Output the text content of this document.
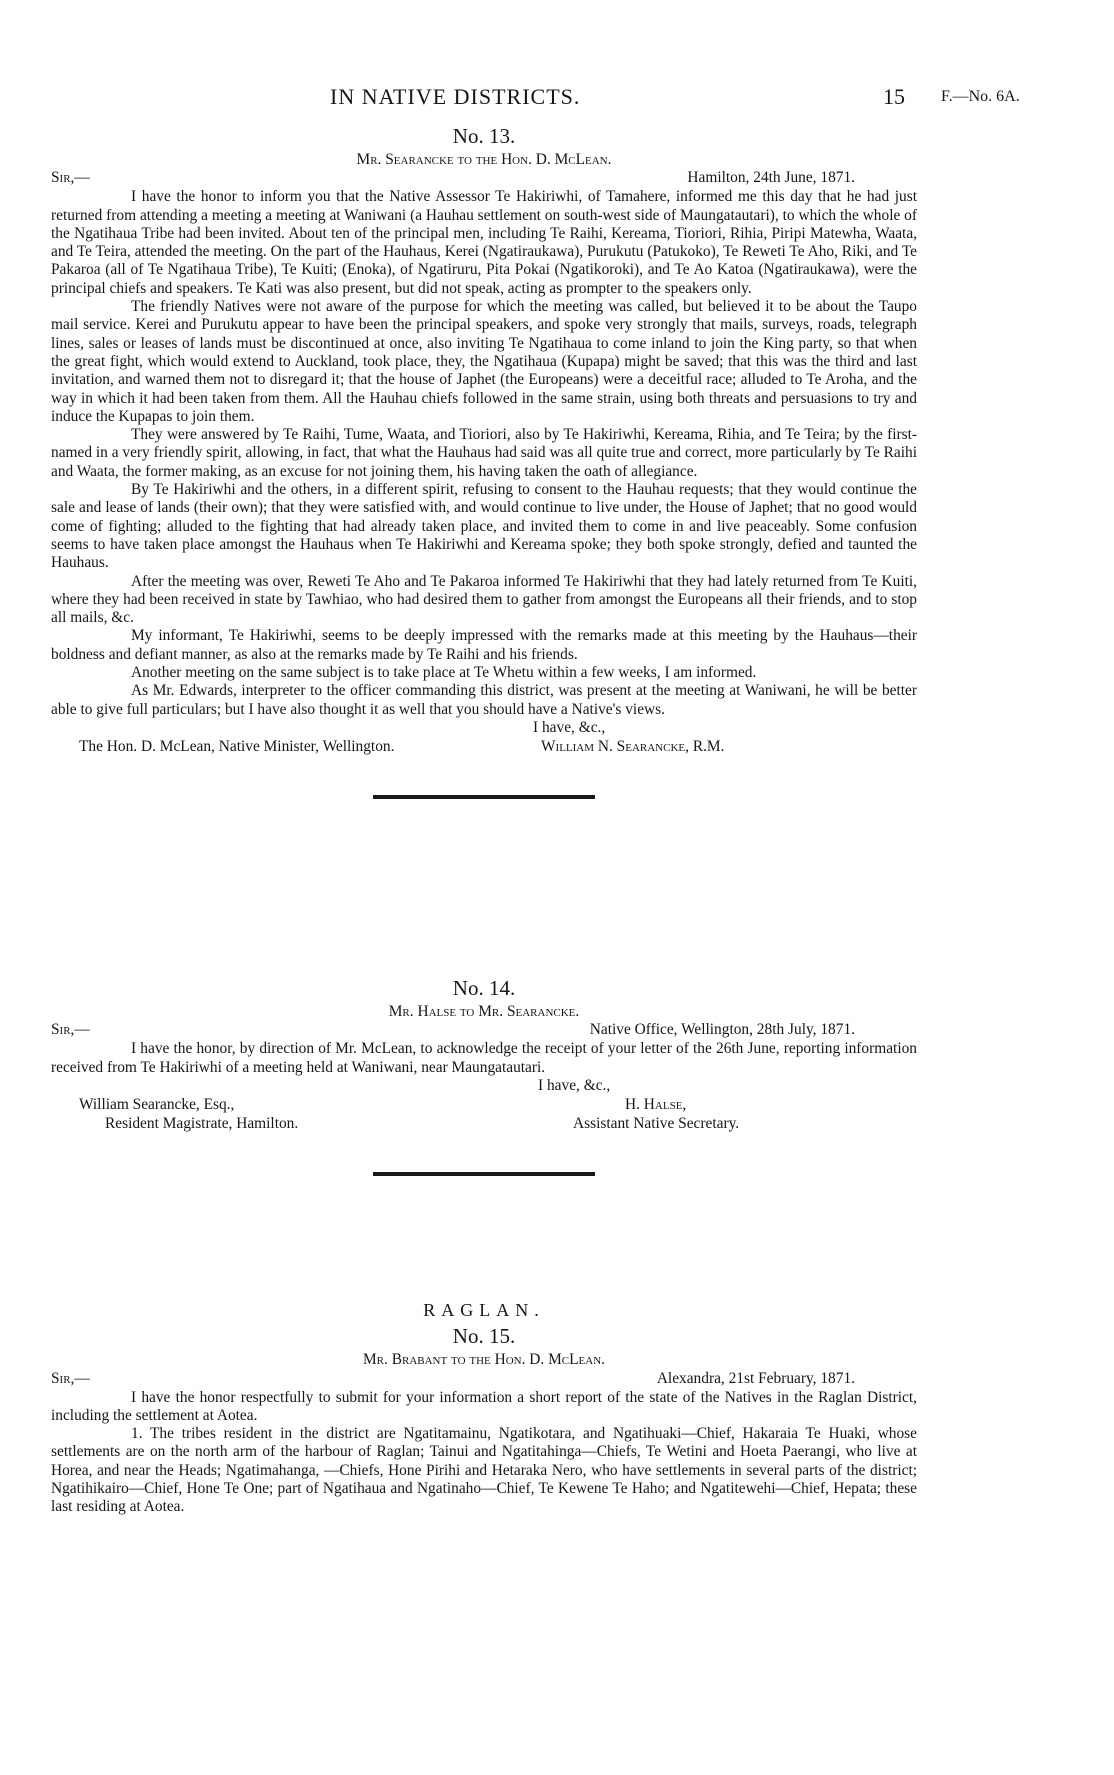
IN NATIVE DISTRICTS.	15 F.—No. 6A.
No. 13.
Mr. Searancke to the Hon. D. McLean.
Sir,—	Hamilton, 24th June, 1871.

I have the honor to inform you that the Native Assessor Te Hakiriwhi, of Tamahere, informed me this day that he had just returned from attending a meeting a meeting at Waniwani (a Hauhau settlement on south-west side of Maungatautari), to which the whole of the Ngatihaua Tribe had been invited. About ten of the principal men, including Te Raihi, Kereama, Tioriori, Rihia, Piripi Matewha, Waata, and Te Teira, attended the meeting. On the part of the Hauhaus, Kerei (Ngatiraukawa), Purukutu (Patukoko), Te Reweti Te Aho, Riki, and Te Pakaroa (all of Te Ngatihaua Tribe), Te Kuiti; (Enoka), of Ngatiruru, Pita Pokai (Ngatikoroki), and Te Ao Katoa (Ngatiraukawa), were the principal chiefs and speakers. Te Kati was also present, but did not speak, acting as prompter to the speakers only.

The friendly Natives were not aware of the purpose for which the meeting was called, but believed it to be about the Taupo mail service. Kerei and Purukutu appear to have been the principal speakers, and spoke very strongly that mails, surveys, roads, telegraph lines, sales or leases of lands must be discontinued at once, also inviting Te Ngatihaua to come inland to join the King party, so that when the great fight, which would extend to Auckland, took place, they, the Ngatihaua (Kupapa) might be saved; that this was the third and last invitation, and warned them not to disregard it; that the house of Japhet (the Europeans) were a deceitful race; alluded to Te Aroha, and the way in which it had been taken from them. All the Hauhau chiefs followed in the same strain, using both threats and persuasions to try and induce the Kupapas to join them.

They were answered by Te Raihi, Tume, Waata, and Tioriori, also by Te Hakiriwhi, Kereama, Rihia, and Te Teira; by the first-named in a very friendly spirit, allowing, in fact, that what the Hauhaus had said was all quite true and correct, more particularly by Te Raihi and Waata, the former making, as an excuse for not joining them, his having taken the oath of allegiance.

By Te Hakiriwhi and the others, in a different spirit, refusing to consent to the Hauhau requests; that they would continue the sale and lease of lands (their own); that they were satisfied with, and would continue to live under, the House of Japhet; that no good would come of fighting; alluded to the fighting that had already taken place, and invited them to come in and live peaceably. Some confusion seems to have taken place amongst the Hauhaus when Te Hakiriwhi and Kereama spoke; they both spoke strongly, defied and taunted the Hauhaus.

After the meeting was over, Reweti Te Aho and Te Pakaroa informed Te Hakiriwhi that they had lately returned from Te Kuiti, where they had been received in state by Tawhiao, who had desired them to gather from amongst the Europeans all their friends, and to stop all mails, &c.

My informant, Te Hakiriwhi, seems to be deeply impressed with the remarks made at this meeting by the Hauhaus—their boldness and defiant manner, as also at the remarks made by Te Raihi and his friends.

Another meeting on the same subject is to take place at Te Whetu within a few weeks, I am informed.

As Mr. Edwards, interpreter to the officer commanding this district, was present at the meeting at Waniwani, he will be better able to give full particulars; but I have also thought it as well that you should have a Native's views.

I have, &c.,
The Hon. D. McLean, Native Minister, Wellington.	William N. Searancke, R.M.
No. 14.
Mr. Halse to Mr. Searancke.
Sir,—	Native Office, Wellington, 28th July, 1871.

I have the honor, by direction of Mr. McLean, to acknowledge the receipt of your letter of the 26th June, reporting information received from Te Hakiriwhi of a meeting held at Waniwani, near Maungatautari.

I have, &c.,
William Searancke, Esq.,	H. Halse,
Resident Magistrate, Hamilton.	Assistant Native Secretary.
RAGLAN.
No. 15.
Mr. Brabant to the Hon. D. McLean.
Sir,—	Alexandra, 21st February, 1871.

I have the honor respectfully to submit for your information a short report of the state of the Natives in the Raglan District, including the settlement at Aotea.

1. The tribes resident in the district are Ngatitamainu, Ngatikotara, and Ngatihuaki—Chief, Hakaraia Te Huaki, whose settlements are on the north arm of the harbour of Raglan; Tainui and Ngatitahinga—Chiefs, Te Wetini and Hoeta Paerangi, who live at Horea, and near the Heads; Ngatimahanga, —Chiefs, Hone Pirihi and Hetaraka Nero, who have settlements in several parts of the district; Ngatihikairo—Chief, Hone Te One; part of Ngatihaua and Ngatinaho—Chief, Te Kewene Te Haho; and Ngatitewehi—Chief, Hepata; these last residing at Aotea.
